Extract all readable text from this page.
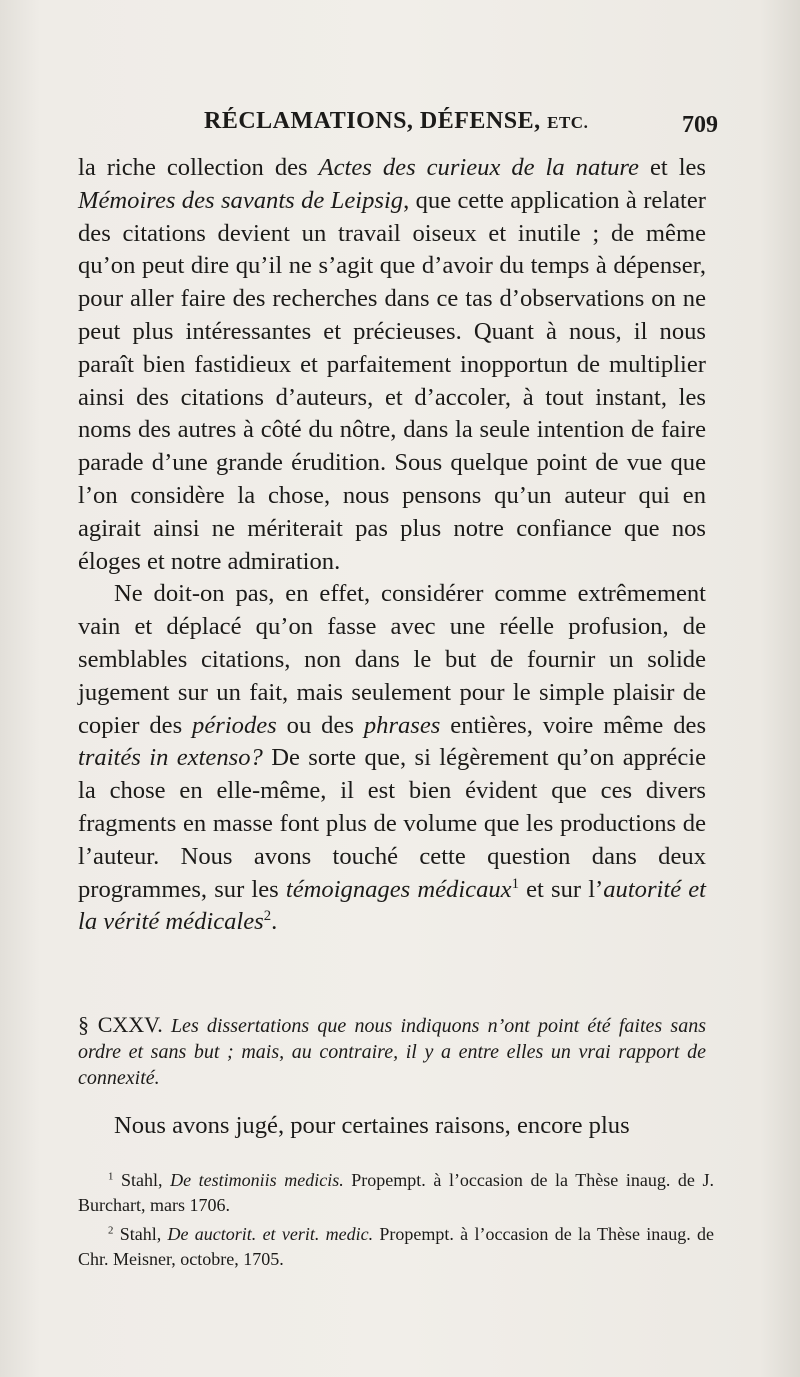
RÉCLAMATIONS, DÉFENSE, ETC.	709

la riche collection des Actes des curieux de la nature et les Mémoires des savants de Leipsig, que cette application à relater des citations devient un travail oiseux et inutile ; de même qu’on peut dire qu’il ne s’agit que d’avoir du temps à dépenser, pour aller faire des recherches dans ce tas d’observations on ne peut plus intéressantes et précieuses. Quant à nous, il nous paraît bien fastidieux et parfaitement inopportun de multiplier ainsi des citations d’auteurs, et d’accoler, à tout instant, les noms des autres à côté du nôtre, dans la seule intention de faire parade d’une grande érudition. Sous quelque point de vue que l’on considère la chose, nous pensons qu’un auteur qui en agirait ainsi ne mériterait pas plus notre confiance que nos éloges et notre admiration.

Ne doit-on pas, en effet, considérer comme extrêmement vain et déplacé qu’on fasse avec une réelle profusion, de semblables citations, non dans le but de fournir un solide jugement sur un fait, mais seulement pour le simple plaisir de copier des périodes ou des phrases entières, voire même des traités in extenso? De sorte que, si légèrement qu’on apprécie la chose en elle-même, il est bien évident que ces divers fragments en masse font plus de volume que les productions de l’auteur. Nous avons touché cette question dans deux programmes, sur les témoignages médicaux$^1$ et sur l’autorité et la vérité médicales$^2$.

§ CXXV. Les dissertations que nous indiquons n’ont point été faites sans ordre et sans but ; mais, au contraire, il y a entre elles un vrai rapport de connexité.
Nous avons jugé, pour certaines raisons, encore plus

$^1$ Stahl, De testimoniis medicis. Propempt. à l’occasion de la Thèse inaug. de J. Burchart, mars 1706.

$^2$ Stahl, De auctorit. et verit. medic. Propempt. à l’occasion de la Thèse inaug. de Chr. Meisner, octobre, 1705.
